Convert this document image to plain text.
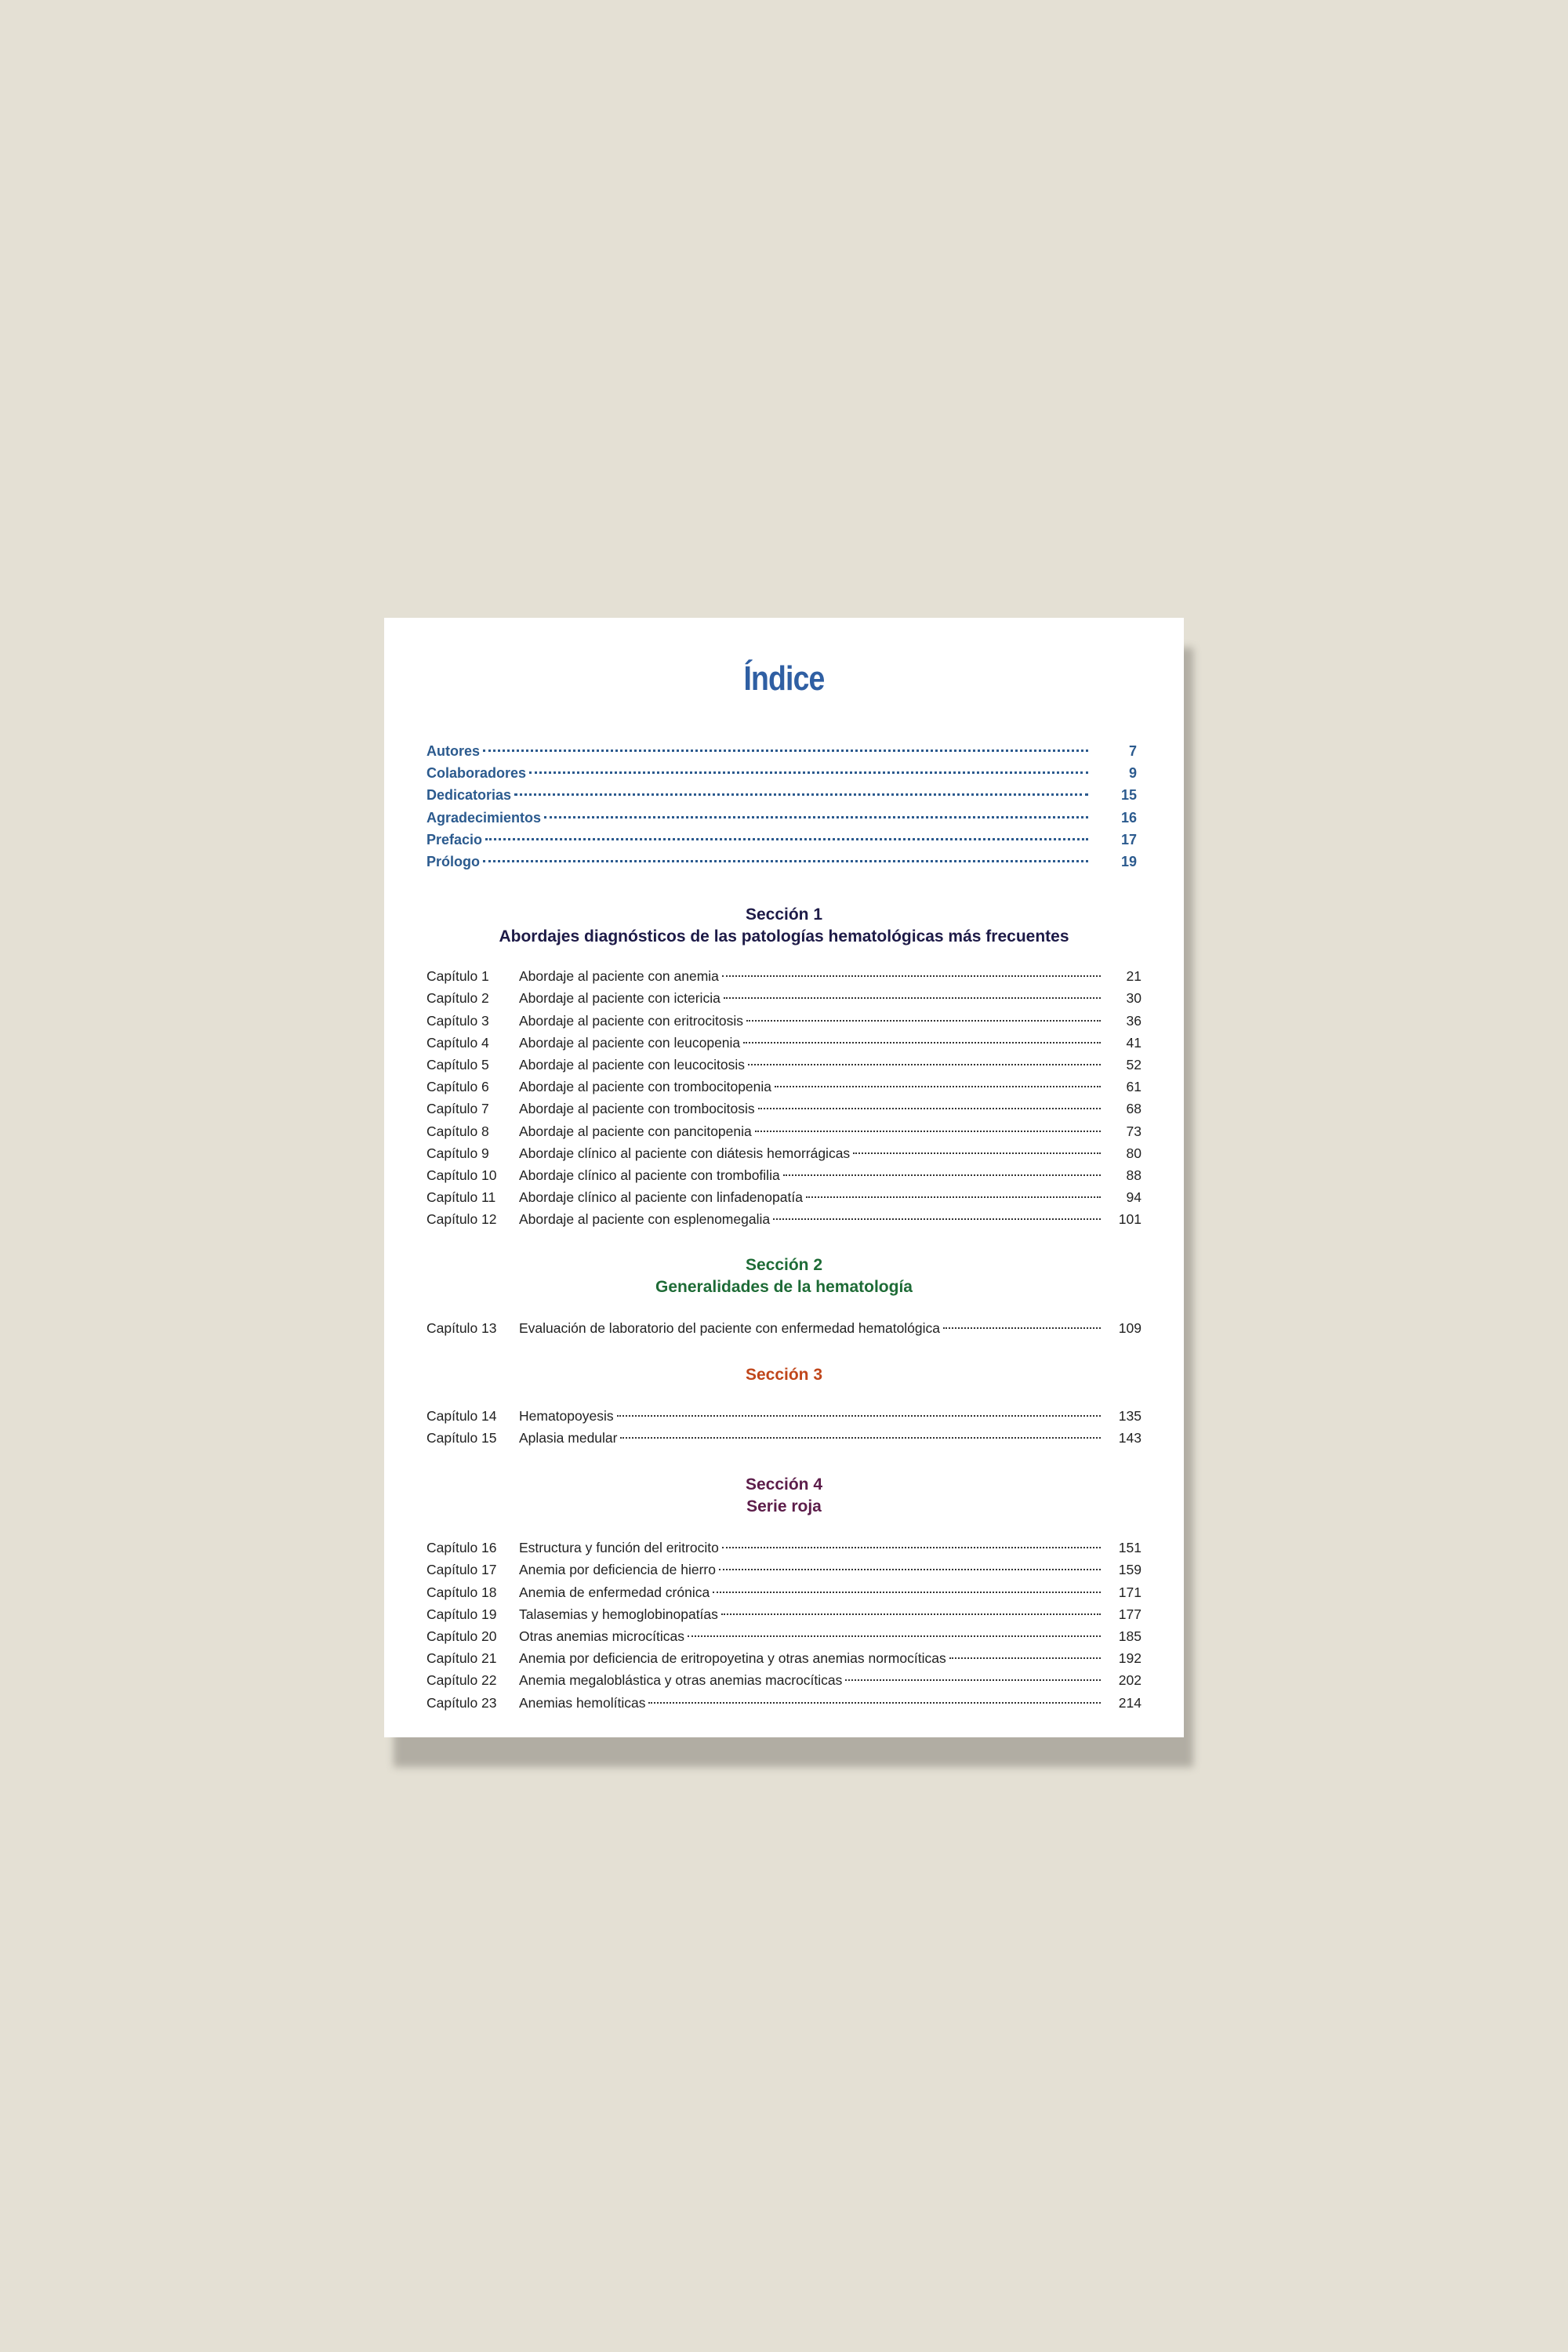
Índice
Autores	7
Colaboradores	9
Dedicatorias	15
Agradecimientos	16
Prefacio	17
Prólogo	19
Sección 1
Abordajes diagnósticos de las patologías hematológicas más frecuentes
Capítulo 1	Abordaje al paciente con anemia	21
Capítulo 2	Abordaje al paciente con ictericia	30
Capítulo 3	Abordaje al paciente con eritrocitosis	36
Capítulo 4	Abordaje al paciente con leucopenia	41
Capítulo 5	Abordaje al paciente con leucocitosis	52
Capítulo 6	Abordaje al paciente con trombocitopenia	61
Capítulo 7	Abordaje al paciente con trombocitosis	68
Capítulo 8	Abordaje al paciente con pancitopenia	73
Capítulo 9	Abordaje clínico al paciente con diátesis hemorrágicas	80
Capítulo 10	Abordaje clínico al paciente con trombofilia	88
Capítulo 11	Abordaje clínico al paciente con linfadenopatía	94
Capítulo 12	Abordaje al paciente con esplenomegalia	101
Sección 2
Generalidades de la hematología
Capítulo 13	Evaluación de laboratorio del paciente con enfermedad hematológica	109
Sección 3
Capítulo 14	Hematopoyesis	135
Capítulo 15	Aplasia medular	143
Sección 4
Serie roja
Capítulo 16	Estructura y función del eritrocito	151
Capítulo 17	Anemia por deficiencia de hierro	159
Capítulo 18	Anemia de enfermedad crónica	171
Capítulo 19	Talasemias y hemoglobinopatías	177
Capítulo 20	Otras anemias microcíticas	185
Capítulo 21	Anemia por deficiencia de eritropoyetina y otras anemias normocíticas	192
Capítulo 22	Anemia megaloblástica y otras anemias macrocíticas	202
Capítulo 23	Anemias hemolíticas	214
